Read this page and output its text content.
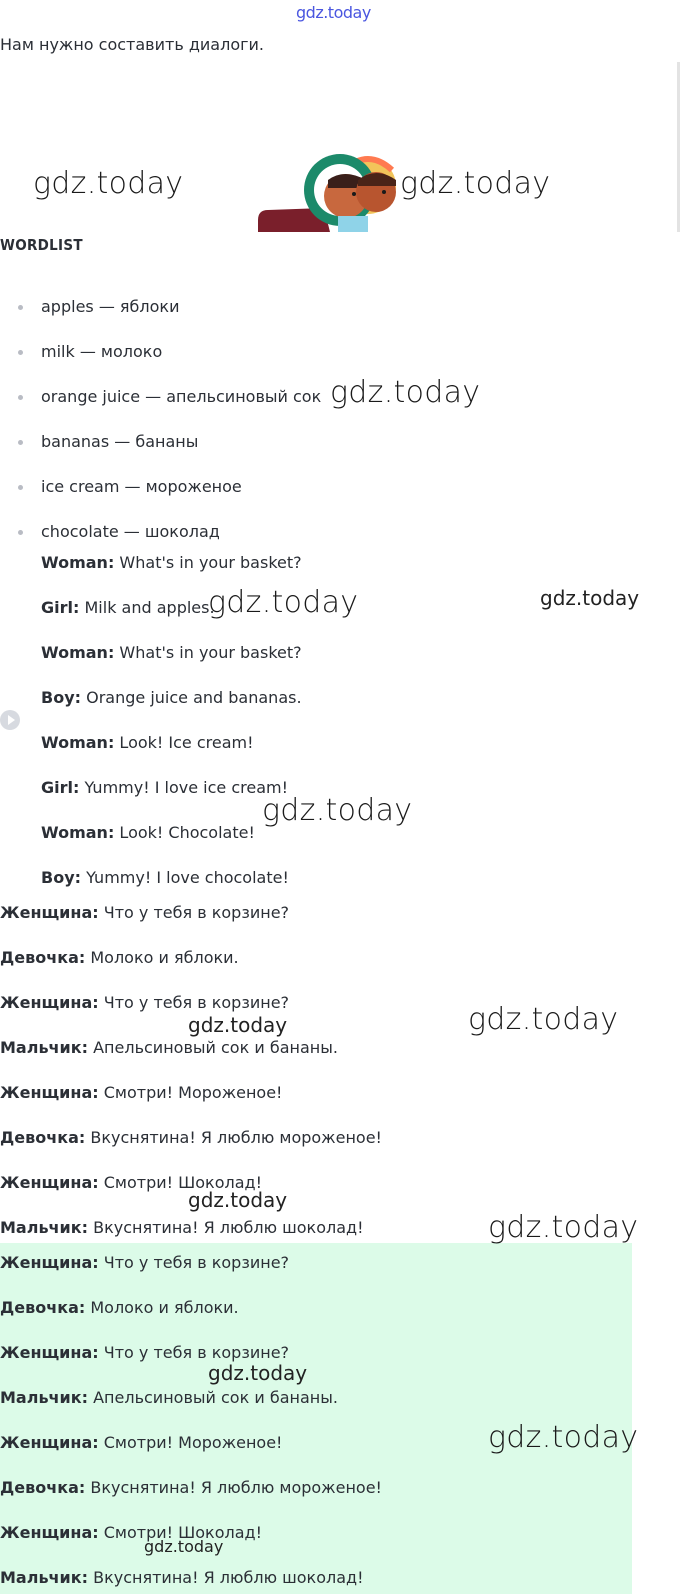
gdz.today
Нам нужно составить диалоги.
WORDLIST
apples — яблоки
milk — молоко
orange juice — апельсиновый сок
bananas — бананы
ice cream — мороженое
chocolate — шоколад
Woman: What's in your basket?
Girl: Milk and apples.
Woman: What's in your basket?
Boy: Orange juice and bananas.
Woman: Look! Ice cream!
Girl: Yummy! I love ice cream!
Woman: Look! Chocolate!
Boy: Yummy! I love chocolate!
Женщина: Что у тебя в корзине?
Девочка: Молоко и яблоки.
Женщина: Что у тебя в корзине?
Мальчик: Апельсиновый сок и бананы.
Женщина: Смотри! Мороженое!
Девочка: Вкуснятина! Я люблю мороженое!
Женщина: Смотри! Шоколад!
Мальчик: Вкуснятина! Я люблю шоколад!
Женщина: Что у тебя в корзине?
Девочка: Молоко и яблоки.
Женщина: Что у тебя в корзине?
Мальчик: Апельсиновый сок и бананы.
Женщина: Смотри! Мороженое!
Девочка: Вкуснятина! Я люблю мороженое!
Женщина: Смотри! Шоколад!
Мальчик: Вкуснятина! Я люблю шоколад!
gdz.today	gdz.today
gdz.today
gdz.today	gdz.today
gdz.today
gdz.today
gdz.today
gdz.today
gdz.today
gdz.today
gdz.today
gdz.today
